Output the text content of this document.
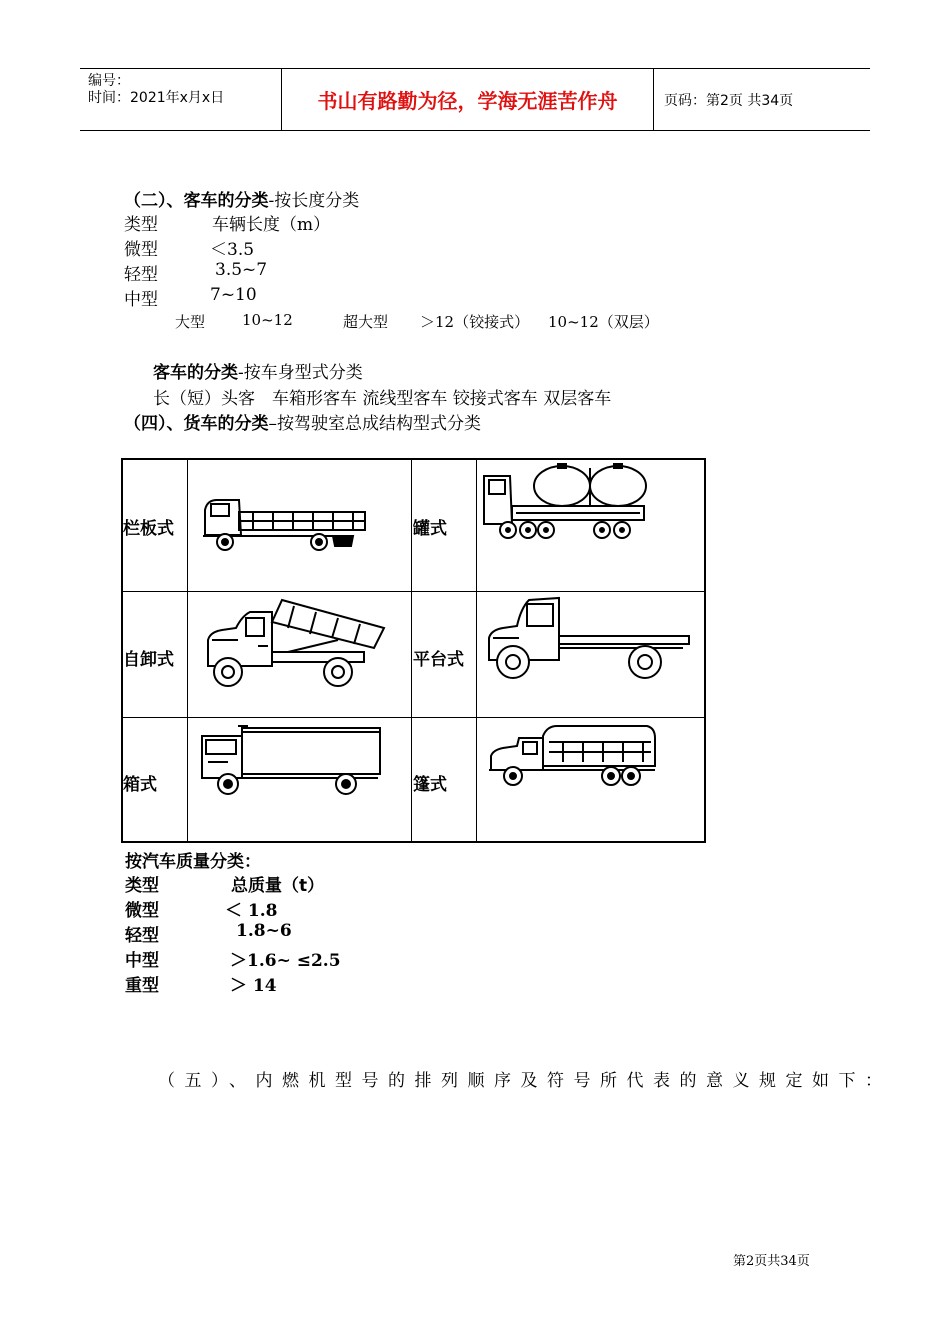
编号：
时间：2021年x月x日	书山有路勤为径，学海无涯苦作舟	页码：第2页 共34页
（二）、客车的分类-按长度分类
类型	车辆长度（m）
微型	＜3.5
轻型	3.5~7
中型	7~10
大型 10~12	超大型 ＞12（铰接式） 10~12（双层）
客车的分类-按车身型式分类
长（短）头客　车箱形客车 流线型客车 铰接式客车 双层客车
（四）、货车的分类–按驾驶室总成结构型式分类
栏板式	罐式
自卸式	平台式
箱式	篷式
按汽车质量分类：
类型	总质量（t）
微型	＜ 1.8
轻型	1.8~6
中型	＞1.6~ ≤2.5
重型	＞ 14
（五）、内燃机型号的排列顺序及符号所代表的意义规定如下：
第2页共34页
